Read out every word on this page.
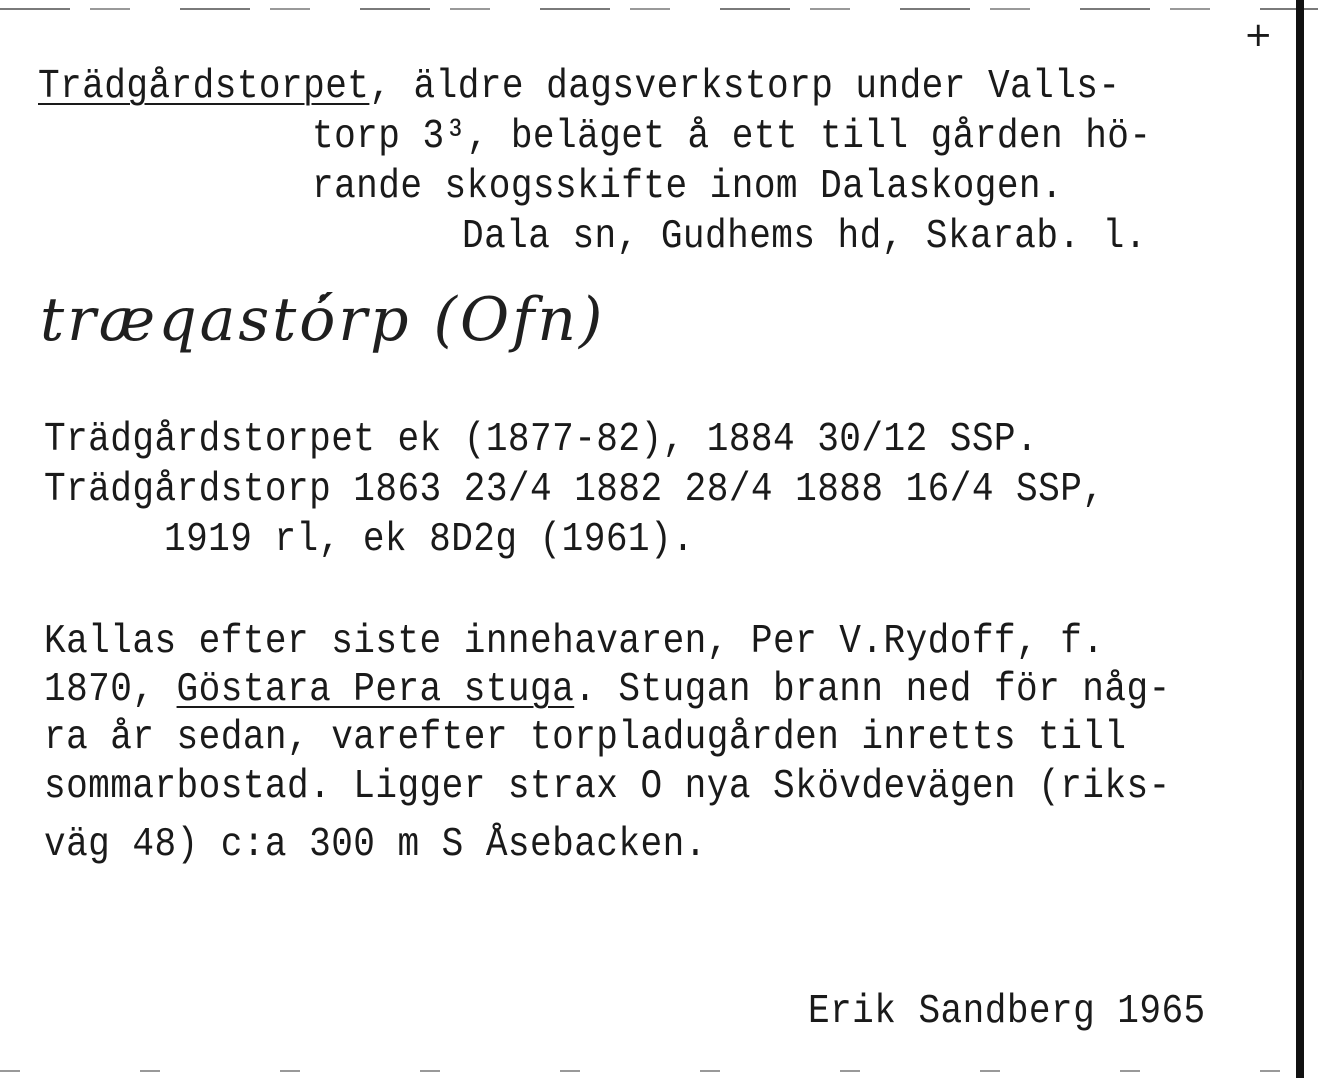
+
Trädgårdstorpet, äldre dagsverkstorp under Valls-
torp 3³, beläget å ett till gården hö-
rande skogsskifte inom Dalaskogen.
Dala sn, Gudhems hd, Skarab. l.
træqastȯ́rp (Ofn)
Trädgårdstorpet ek (1877-82), 1884 30/12 SSP.
Trädgårdstorp 1863 23/4 1882 28/4 1888 16/4 SSP,
1919 rl, ek 8D2g (1961).
Kallas efter siste innehavaren, Per V.Rydoff, f.
1870, Göstara Pera stuga. Stugan brann ned för någ-
ra år sedan, varefter torpladugården inretts till
sommarbostad. Ligger strax O nya Skövdevägen (riks-
väg 48) c:a 300 m S Åsebacken.
Erik Sandberg 1965
